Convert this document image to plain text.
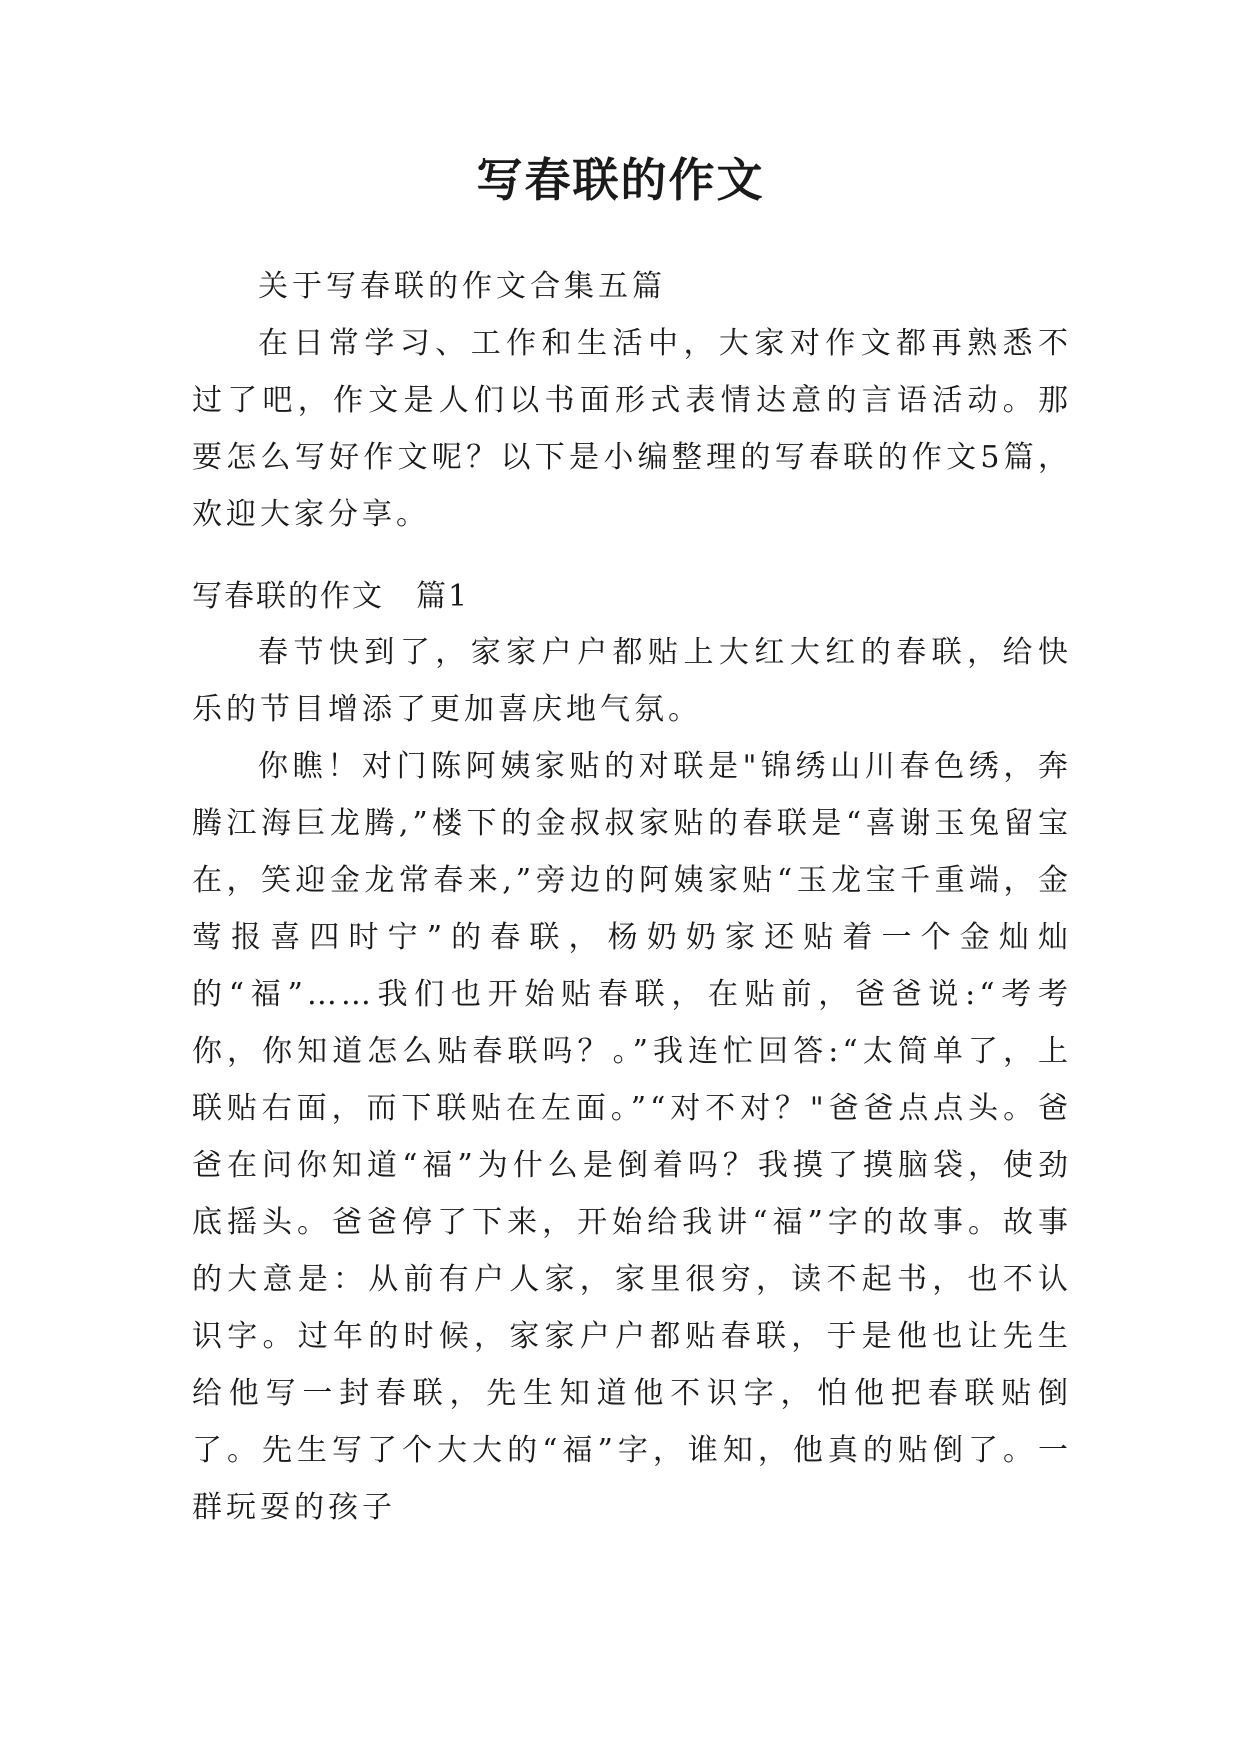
写春联的作文

关于写春联的作文合集五篇

在日常学习、工作和生活中，大家对作文都再熟悉不过了吧，作文是人们以书面形式表情达意的言语活动。那要怎么写好作文呢？以下是小编整理的写春联的作文5篇，欢迎大家分享。

写春联的作文　篇1

春节快到了，家家户户都贴上大红大红的春联，给快乐的节目增添了更加喜庆地气氛。

你瞧！对门陈阿姨家贴的对联是"锦绣山川春色绣，奔腾江海巨龙腾,”楼下的金叔叔家贴的春联是“喜谢玉兔留宝在，笑迎金龙常春来,”旁边的阿姨家贴“玉龙宝千重端，金莺报喜四时宁”的春联，杨奶奶家还贴着一个金灿灿的“福”……我们也开始贴春联，在贴前，爸爸说:“考考你，你知道怎么贴春联吗？。”我连忙回答:“太简单了，上联贴右面，而下联贴在左面。”“对不对？"爸爸点点头。爸爸在问你知道“福”为什么是倒着吗？我摸了摸脑袋，使劲底摇头。爸爸停了下来，开始给我讲“福”字的故事。故事的大意是：从前有户人家，家里很穷，读不起书，也不认识字。过年的时候，家家户户都贴春联，于是他也让先生给他写一封春联，先生知道他不识字，怕他把春联贴倒了。先生写了个大大的“福”字，谁知，他真的贴倒了。一群玩耍的孩子
